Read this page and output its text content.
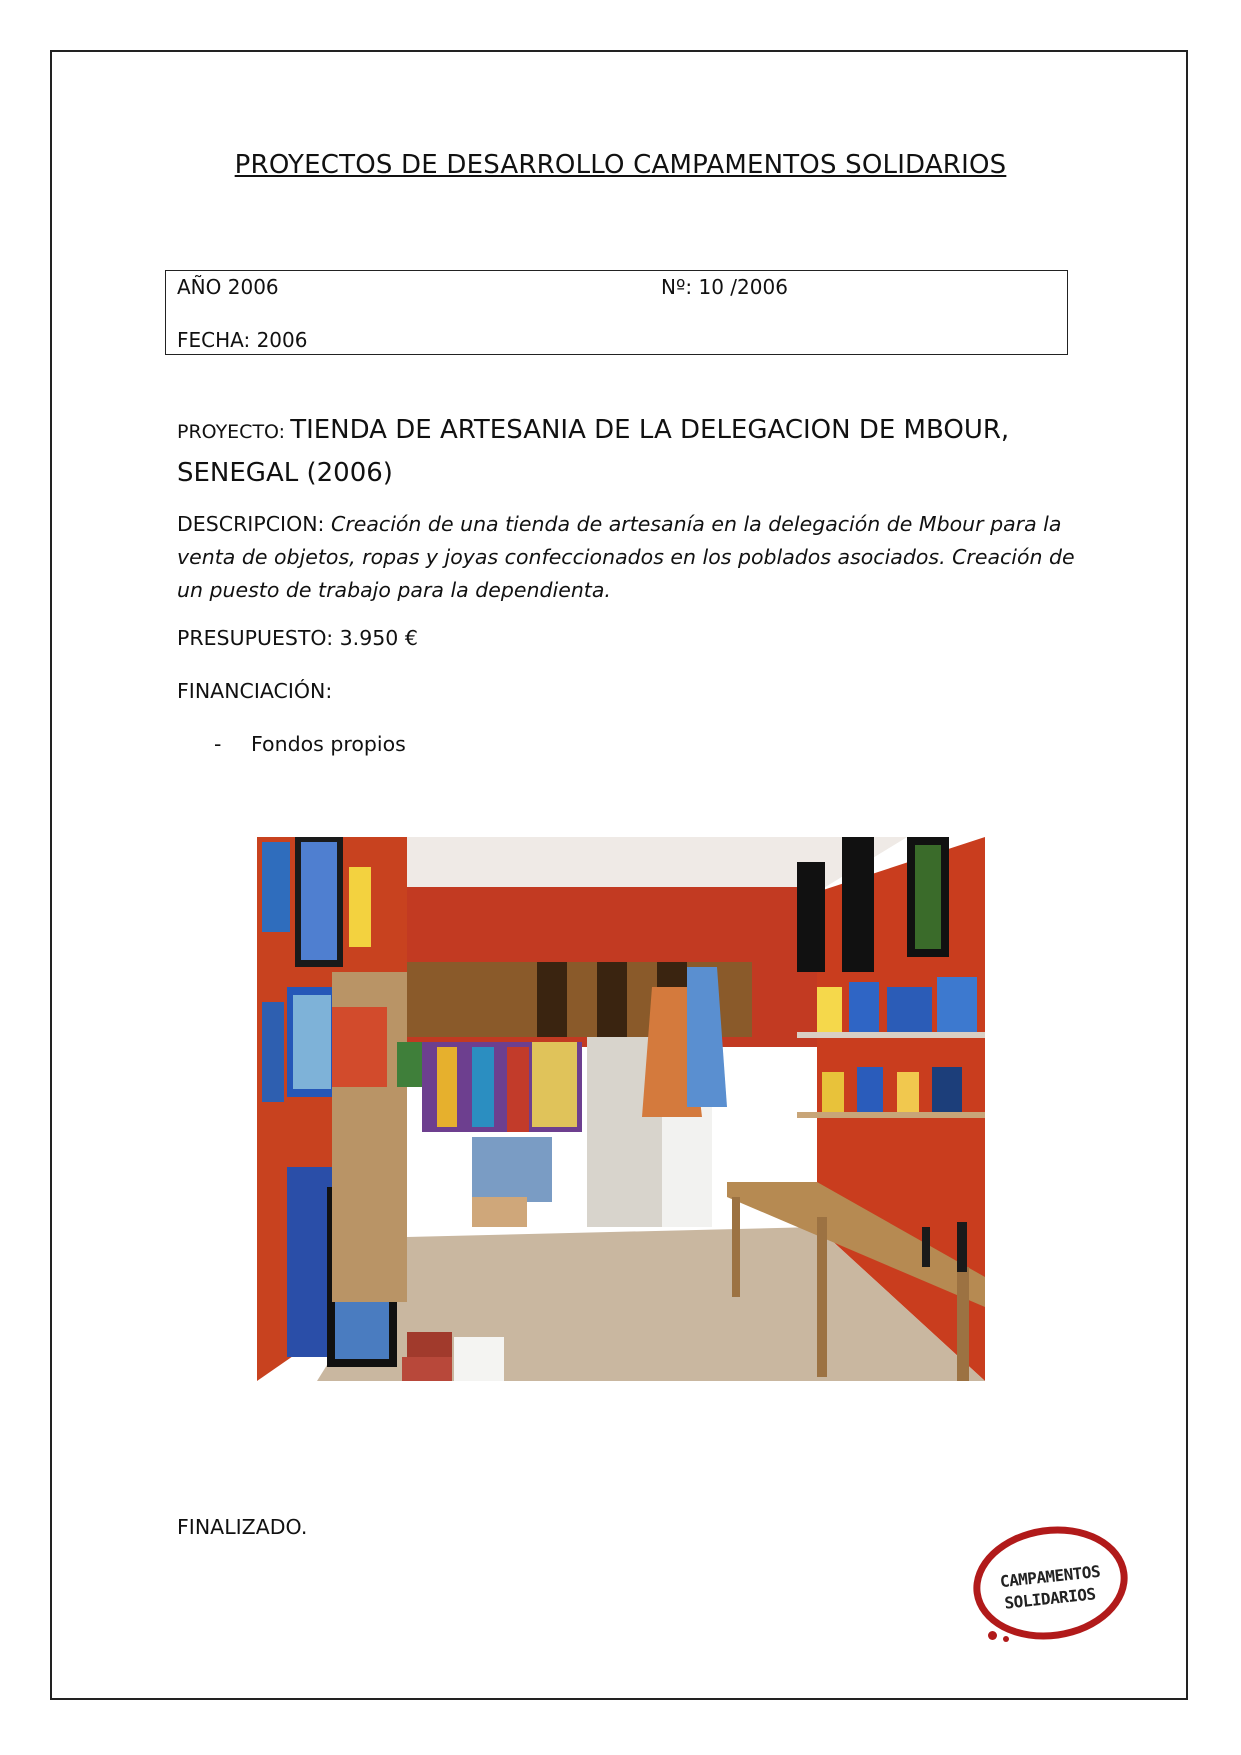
PROYECTOS DE DESARROLLO CAMPAMENTOS SOLIDARIOS
AÑO 2006	Nº: 10 /2006
FECHA: 2006
PROYECTO: TIENDA DE ARTESANIA DE LA DELEGACION DE MBOUR, SENEGAL (2006)
DESCRIPCION: Creación de una tienda de artesanía en la delegación de Mbour para la venta de objetos, ropas y joyas confeccionados en los poblados asociados. Creación de un puesto de trabajo para la dependienta.
PRESUPUESTO: 3.950 €
FINANCIACIÓN:
- Fondos propios
FINALIZADO.
CAMPAMENTOS
SOLIDARIOS
